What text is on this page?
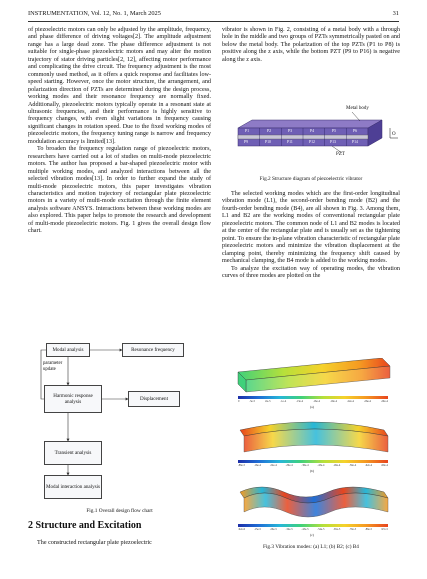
INSTRUMENTATION, Vol. 12, No. 1, March 2025	31

of piezoelectric motors can only be adjusted by the amplitude, frequency, and phase difference of driving voltages[2]. The amplitude adjustment range has a large dead zone. The phase difference adjustment is not suitable for single-phase piezoelectric motors and may alter the motion trajectory of stator driving particles[2, 12], affecting motor performance and complicating the drive circuit. The frequency adjustment is the most commonly used method, as it offers a quick response and facilitates low-speed starting. However, once the motor structure, the arrangement, and polarization direction of PZTs are determined during the design process, working modes and their resonance frequency are normally fixed. Additionally, piezoelectric motors typically operate in a resonant state at ultrasonic frequencies, and their performance is highly sensitive to frequency changes, with even slight variations in frequency causing significant changes in rotation speed. Due to the fixed working modes of piezoelectric motors, the frequency tuning range is narrow and frequency modulation accuracy is limited[13].

To broaden the frequency regulation range of piezoelectric motors, researchers have carried out a lot of studies on multi-mode piezoelectric motors. The author has proposed a bar-shaped piezoelectric motor with multiple working modes, and analyzed interactions between all the selected vibration modes[13]. In order to further expand the study of multi-mode piezoelectric motors, this paper investigates vibration characteristics and motion trajectory of rectangular plate piezoelectric motors in a variety of multi-mode excitation through the finite element analysis software ANSYS. Interactions between these working modes are also explored. This paper helps to promote the research and development of multi-mode piezoelectric motors. Fig. 1 gives the overall design flow chart.

Modal analysis	Resonance frequency
parameter update
Harmonic response analysis	Displacement
Transient analysis
Modal interaction analysis
Fig.1 Overall design flow chart
2 Structure and Excitation

The constructed rectangular plate piezoelectric

vibrator is shown in Fig. 2, consisting of a metal body with a through hole in the middle and two groups of PZTs symmetrically pasted on and below the metal body. The polarization of the top PZTs (P1 to P8) is positive along the z axis, while the bottom PZT (P9 to P16) is negative along the z axis.

Metal body
PZT
O
P1	P2	P3	P4	P5	P6
P9	P10	P11	P12	P13	P14
Fig.2 Structure diagram of piezoelectric vibrator

The selected working modes which are the first-order longitudinal vibration mode (L1), the second-order bending mode (B2) and the fourth-order bending mode (B4), are all shown in Fig. 3. Among them, L1 and B2 are the working modes of conventional rectangular plate piezoelectric motors. The common node of L1 and B2 modes is located at the center of the rectangular plate and is usually set as the tightening point. To ensure the in-plane vibration characteristic of rectangular plate piezoelectric motors and minimize the vibration displacement at the clamping point, thereby minimizing the frequency shift caused by mechanical clamping, the B4 mode is added to the working modes.

To analyze the excitation way of operating modes, the vibration curves of three modes are plotted on the

0	.3e-5	.6e-5	.1e-4	.13e-4	.16e-4	.19e-4	.22e-4	.26e-4	.29e-4
(a)
.86e-5	.16e-4	.22e-4	.29e-4	.36e-4	.43e-4	.49e-4	.56e-4	.62e-4	.69e-4
(b)
.92e-6	.15e-5	.26e-5	.34e-5	.43e-5	.54e-5	.65e-5	.76e-5	.86e-5	.97e-5
(c)
Fig.3 Vibration modes: (a) L1; (b) B2; (c) B4
